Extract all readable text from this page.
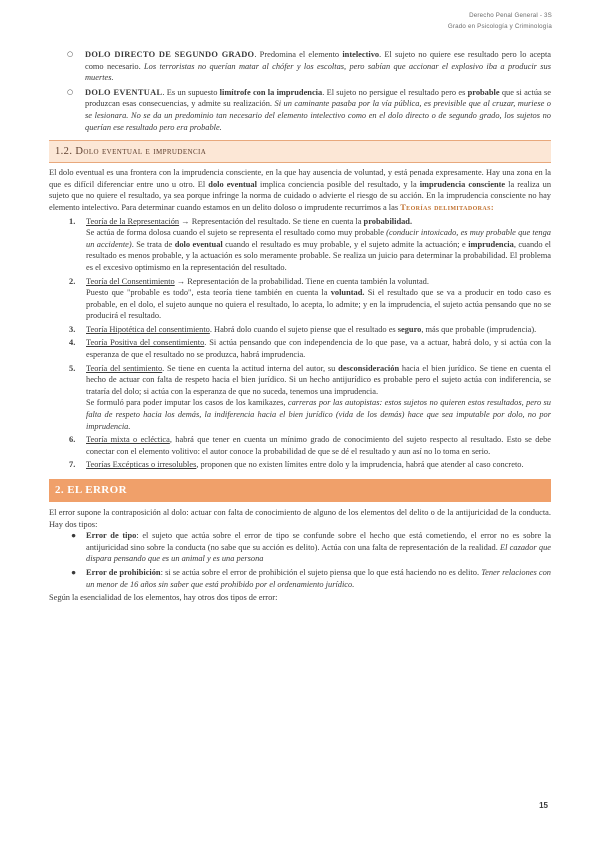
Derecho Penal General - 3S
Grado en Psicología y Criminología
○ DOLO DIRECTO DE SEGUNDO GRADO. Predomina el elemento intelectivo. El sujeto no quiere ese resultado pero lo acepta como necesario. Los terroristas no querían matar al chófer y los escoltas, pero sabían que accionar el explosivo iba a producir sus muertes.
○ DOLO EVENTUAL. Es un supuesto limítrofe con la imprudencia. El sujeto no persigue el resultado pero es probable que si actúa se produzcan esas consecuencias, y admite su realización. Si un caminante pasaba por la vía pública, es previsible que al cruzar, muriese o se lesionara. No se da un predominio tan necesario del elemento intelectivo como en el dolo directo o de segundo grado, los sujetos no querían ese resultado pero era probable.
1.2. Dolo eventual e imprudencia

El dolo eventual es una frontera con la imprudencia consciente, en la que hay ausencia de voluntad, y está penada expresamente. Hay una zona en la que es difícil diferenciar entre uno u otro. El dolo eventual implica conciencia posible del resultado, y la imprudencia consciente la realiza un sujeto que no quiere el resultado, ya sea porque infringe la norma de cuidado o advierte el riesgo de su acción. En la imprudencia consciente no hay elemento intelectivo. Para determinar cuando estamos en un delito doloso o imprudente recurrimos a las Teorías delimitadoras:

1. Teoría de la Representación → Representación del resultado. Se tiene en cuenta la probabilidad.
Se actúa de forma dolosa cuando el sujeto se representa el resultado como muy probable (conducir intoxicado, es muy probable que tenga un accidente). Se trata de dolo eventual cuando el resultado es muy probable, y el sujeto admite la actuación; e imprudencia, cuando el resultado es menos probable, y la actuación es solo meramente probable. Se realiza un juicio para determinar la probabilidad. El problema es el excesivo optimismo en la representación del resultado.
2. Teoría del Consentimiento → Representación de la probabilidad. Tiene en cuenta también la voluntad.
Puesto que "probable es todo", esta teoría tiene también en cuenta la voluntad. Si el resultado que se va a producir en todo caso es probable, en el dolo, el sujeto aunque no quiera el resultado, lo acepta, lo admite; y en la imprudencia, el sujeto actúa pensando que no se producirá el resultado.
3. Teoría Hipotética del consentimiento. Habrá dolo cuando el sujeto piense que el resultado es seguro, más que probable (imprudencia).
4. Teoría Positiva del consentimiento. Si actúa pensando que con independencia de lo que pase, va a actuar, habrá dolo, y si actúa con la esperanza de que el resultado no se produzca, habrá imprudencia.
5. Teoría del sentimiento. Se tiene en cuenta la actitud interna del autor, su desconsideración hacia el bien jurídico. Se tiene en cuenta el hecho de actuar con falta de respeto hacia el bien jurídico. Si un hecho antijurídico es probable pero el sujeto actúa con indiferencia, se trataría del dolo; si actúa con la esperanza de que no suceda, tenemos una imprudencia.
Se formuló para poder imputar los casos de los kamikazes, carreras por las autopistas: estos sujetos no quieren estos resultados, pero su falta de respeto hacia los demás, la indiferencia hacia el bien jurídico (vida de los demás) hace que sea imputable por dolo, no por imprudencia.
6. Teoría mixta o ecléctica, habrá que tener en cuenta un mínimo grado de conocimiento del sujeto respecto al resultado. Esto se debe conectar con el elemento volitivo: el autor conoce la probabilidad de que se dé el resultado y aun así no lo toma en serio.
7. Teorías Excépticas o irresolubles, proponen que no existen límites entre dolo y la imprudencia, habrá que atender al caso concreto.
2. EL ERROR

El error supone la contraposición al dolo: actuar con falta de conocimiento de alguno de los elementos del delito o de la antijuricidad de la conducta. Hay dos tipos:

● Error de tipo: el sujeto que actúa sobre el error de tipo se confunde sobre el hecho que está cometiendo, el error no es sobre la antijuricidad sino sobre la conducta (no sabe que su acción es delito). Actúa con una falta de representación de la realidad. El cazador que dispara pensando que es un animal y es una persona
● Error de prohibición: si se actúa sobre el error de prohibición el sujeto piensa que lo que está haciendo no es delito. Tener relaciones con un menor de 16 años sin saber que está prohibido por el ordenamiento jurídico.

Según la esencialidad de los elementos, hay otros dos tipos de error:

15
